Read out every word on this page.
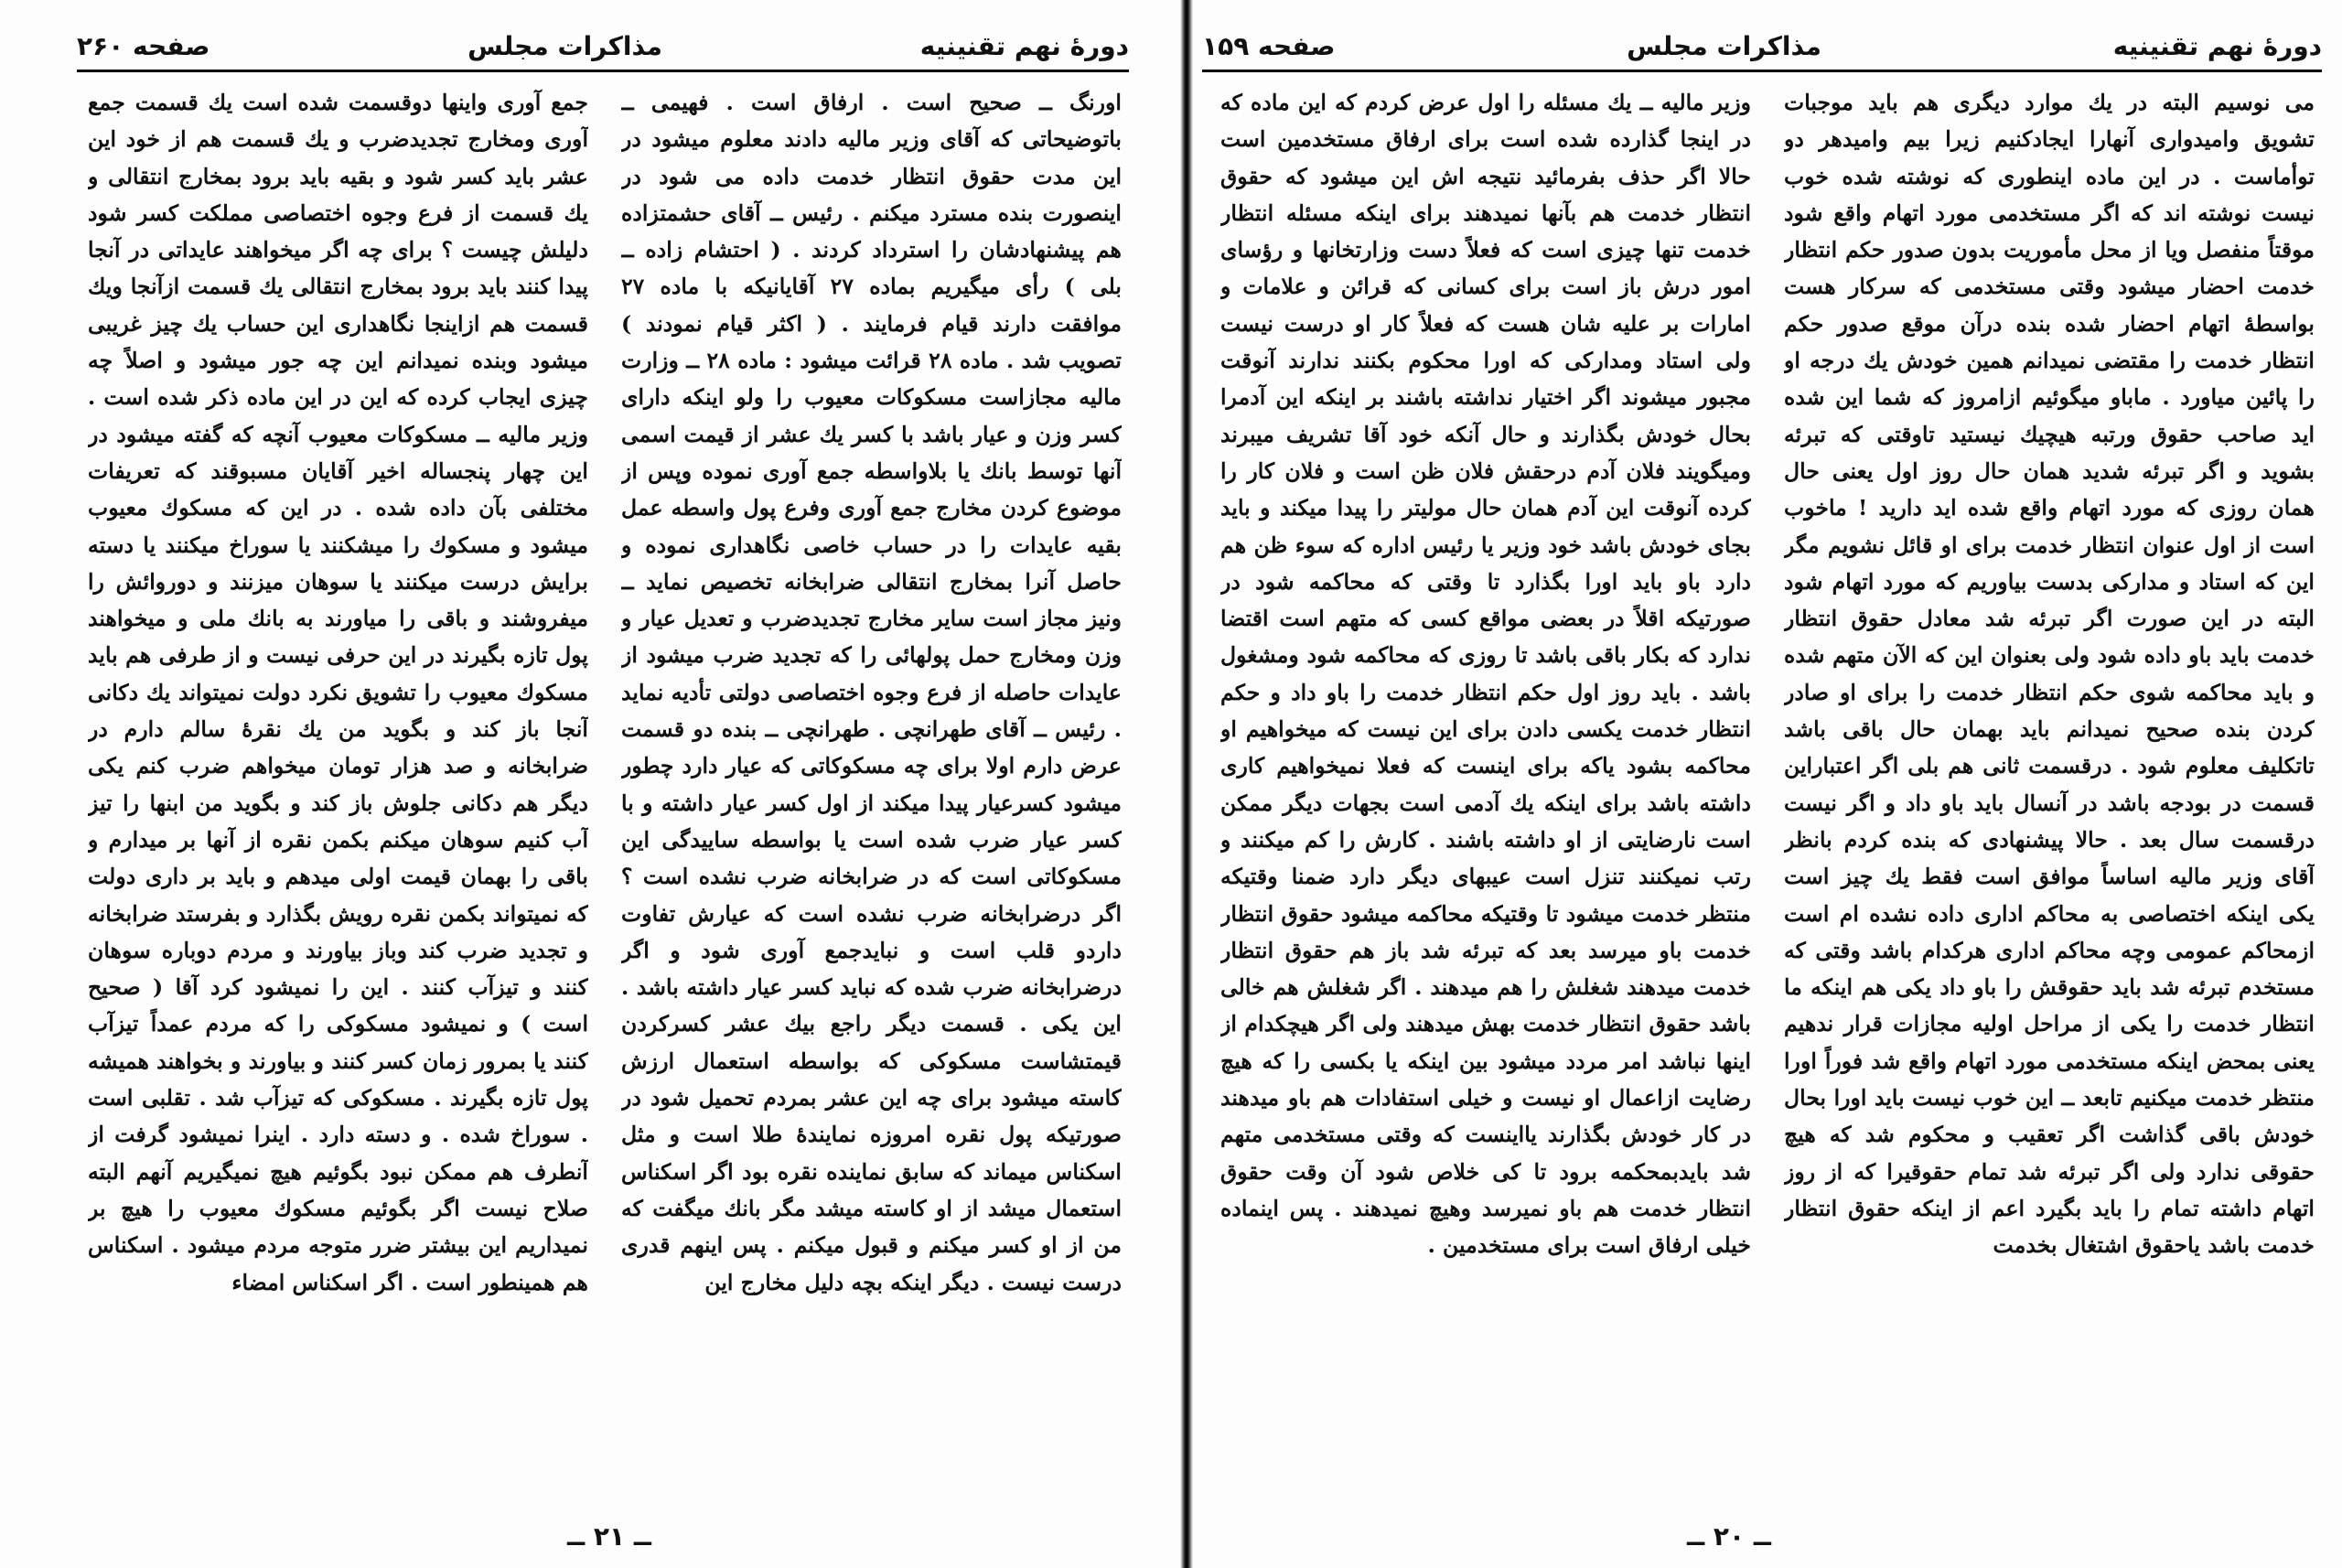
دورۀ نهم تقنینیه
مذاکرات مجلس
صفحه ۲۶۰

اورنگ ــ صحیح است . ارفاق است . فهیمی ــ باتوضیحاتی که آقای وزیر مالیه دادند معلوم میشود در این مدت حقوق انتظار خدمت داده می شود در اینصورت بنده مسترد میکنم . رئیس ــ آقای حشمتزاده هم پیشنهادشان را استرداد کردند . ( احتشام زاده ــ بلی ) رأی میگیریم بماده ۲۷ آقایانیکه با ماده ۲۷ موافقت دارند قیام فرمایند . ( اکثر قیام نمودند ) تصویب شد . ماده ۲۸ قرائت میشود : ماده ۲۸ ــ وزارت مالیه مجازاست مسکوکات معیوب را ولو اینکه دارای کسر وزن و عیار باشد با کسر یك عشر از قیمت اسمی آنها توسط بانك یا بلاواسطه جمع آوری نموده وپس از موضوع کردن مخارج جمع آوری وفرع پول واسطه عمل بقیه عایدات را در حساب خاصی نگاهداری نموده و حاصل آنرا بمخارج انتقالی ضرابخانه تخصیص نماید ــ ونیز مجاز است سایر مخارج تجدیدضرب و تعدیل عیار و وزن ومخارج حمل پولهائی را که تجدید ضرب میشود از عایدات حاصله از فرع وجوه اختصاصی دولتی تأدیه نماید . رئیس ــ آقای طهرانچی . طهرانچی ــ بنده دو قسمت عرض دارم اولا برای چه مسکوکاتی که عیار دارد چطور میشود کسرعیار پیدا میکند از اول کسر عیار داشته و با کسر عیار ضرب شده است یا بواسطه ساییدگی این مسکوکاتی است که در ضرابخانه ضرب نشده است ؟ اگر درضرابخانه ضرب نشده است که عیارش تفاوت داردو قلب است و نبایدجمع آوری شود و اگر درضرابخانه ضرب شده که نباید کسر عیار داشته باشد . این یکی . قسمت دیگر راجع بیك عشر کسرکردن قیمتشاست مسکوکی که بواسطه استعمال ارزش کاسته میشود برای چه این عشر بمردم تحمیل شود در صورتیکه پول نقره امروزه نمایندهٔ طلا است و مثل اسکناس میماند که سابق نماینده نقره بود اگر اسکناس استعمال میشد از او کاسته میشد مگر بانك میگفت که من از او کسر میکنم و قبول میکنم . پس اینهم قدری درست نیست . دیگر اینکه بچه دلیل مخارج این

جمع آوری واینها دوقسمت شده است یك قسمت جمع آوری ومخارج تجدیدضرب و یك قسمت هم از خود این عشر باید کسر شود و بقیه باید برود بمخارج انتقالی و یك قسمت از فرع وجوه اختصاصی مملکت کسر شود دلیلش چیست ؟ برای چه اگر میخواهند عایداتی در آنجا پیدا کنند باید برود بمخارج انتقالی یك قسمت ازآنجا ویك قسمت هم ازاینجا نگاهداری این حساب یك چیز غریبی میشود وبنده نمیدانم این چه جور میشود و اصلاً چه چیزی ایجاب کرده که این در این ماده ذکر شده است . وزیر مالیه ــ مسکوکات معیوب آنچه که گفته میشود در این چهار پنجساله اخیر آقایان مسبوقند که تعریفات مختلفی بآن داده شده . در این که مسکوك معیوب میشود و مسکوك را میشکنند یا سوراخ میکنند یا دسته برایش درست میکنند یا سوهان میزنند و دوروائش را میفروشند و باقی را میاورند به بانك ملی و میخواهند پول تازه بگیرند در این حرفی نیست و از طرفی هم باید مسکوك معیوب را تشویق نکرد دولت نمیتواند یك دکانی آنجا باز کند و بگوید من یك نقرهٔ سالم دارم در ضرابخانه و صد هزار تومان میخواهم ضرب کنم یکی دیگر هم دکانی جلوش باز کند و بگوید من ابنها را تیز آب کنیم سوهان میکنم بکمن نقره از آنها بر میدارم و باقی را بهمان قیمت اولی میدهم و باید بر داری دولت که نمیتواند بکمن نقره رویش بگذارد و بفرستد ضرابخانه و تجدید ضرب کند وباز بیاورند و مردم دوباره سوهان کنند و تیزآب کنند . این را نمیشود کرد آقا ( صحیح است ) و نمیشود مسکوکی را که مردم عمداً تیزآب کنند یا بمرور زمان کسر کنند و بیاورند و بخواهند همیشه پول تازه بگیرند . مسکوکی که تیزآب شد . تقلبی است . سوراخ شده . و دسته دارد . اینرا نمیشود گرفت از آنطرف هم ممکن نبود بگوئیم هیچ نمیگیریم آنهم البته صلاح نیست اگر بگوئیم مسکوك معیوب را هیچ بر نمیداریم این بیشتر ضرر متوجه مردم میشود . اسکناس هم همینطور است . اگر اسکناس امضاء

ــ ۲۱ ــ
دورۀ نهم تقنینیه
مذاکرات مجلس
صفحه ۱۵۹

می نوسیم البته در یك موارد دیگری هم باید موجبات تشویق وامیدواری آنهارا ایجادکنیم زیرا بیم وامیدهر دو توأماست . در این ماده اینطوری که نوشته شده خوب نیست نوشته اند که اگر مستخدمی مورد اتهام واقع شود موقتاً منفصل ویا از محل مأموریت بدون صدور حکم انتظار خدمت احضار میشود وقتی مستخدمی که سرکار هست بواسطهٔ اتهام احضار شده بنده درآن موقع صدور حکم انتظار خدمت را مقتضی نمیدانم همین خودش یك درجه او را پائین میاورد . ماباو میگوئیم ازامروز که شما این شده اید صاحب حقوق ورتبه هیچیك نیستید تاوقتی که تبرئه بشوید و اگر تبرئه شدید همان حال روز اول یعنی حال همان روزی که مورد اتهام واقع شده اید دارید ! ماخوب است از اول عنوان انتظار خدمت برای او قائل نشویم مگر این که استاد و مدارکی بدست بیاوریم که مورد اتهام شود البته در این صورت اگر تبرئه شد معادل حقوق انتظار خدمت باید باو داده شود ولی بعنوان این که الآن متهم شده و باید محاکمه شوی حکم انتظار خدمت را برای او صادر کردن بنده صحیح نمیدانم باید بهمان حال باقی باشد تاتکلیف معلوم شود . درقسمت ثانی هم بلی اگر اعتباراین قسمت در بودجه باشد در آنسال باید باو داد و اگر نیست درقسمت سال بعد . حالا پیشنهادی که بنده کردم بانظر آقای وزیر مالیه اساساً موافق است فقط یك چیز است یکی اینکه اختصاصی به محاکم اداری داده نشده ام است ازمحاکم عمومی وچه محاکم اداری هرکدام باشد وقتی که مستخدم تبرئه شد باید حقوقش را باو داد یکی هم اینکه ما انتظار خدمت را یکی از مراحل اولیه مجازات قرار ندهیم یعنی بمحض اینکه مستخدمی مورد اتهام واقع شد فوراً اورا منتظر خدمت میکنیم تابعد ــ این خوب نیست باید اورا بحال خودش باقی گذاشت اگر تعقیب و محکوم شد که هیچ حقوقی ندارد ولی اگر تبرئه شد تمام حقوقیرا که از روز اتهام داشته تمام را باید بگیرد اعم از اینکه حقوق انتظار خدمت باشد یاحقوق اشتغال بخدمت

وزیر مالیه ــ یك مسئله را اول عرض کردم که این ماده که در اینجا گذارده شده است برای ارفاق مستخدمین است حالا اگر حذف بفرمائید نتیجه اش این میشود که حقوق انتظار خدمت هم بآنها نمیدهند برای اینکه مسئله انتظار خدمت تنها چیزی است که فعلاً دست وزارتخانها و رؤسای امور درش باز است برای کسانی که قرائن و علامات و امارات بر علیه شان هست که فعلاً کار او درست نیست ولی استاد ومدارکی که اورا محکوم بکنند ندارند آنوقت مجبور میشوند اگر اختیار نداشته باشند بر اینکه این آدمرا بحال خودش بگذارند و حال آنکه خود آقا تشریف میبرند ومیگویند فلان آدم درحقش فلان ظن است و فلان کار را کرده آنوقت این آدم همان حال مولیتر را پیدا میکند و باید بجای خودش باشد خود وزیر یا رئیس اداره که سوء ظن هم دارد باو باید اورا بگذارد تا وقتی که محاکمه شود در صورتیکه اقلاً در بعضی مواقع کسی که متهم است اقتضا ندارد که بکار باقی باشد تا روزی که محاکمه شود ومشغول باشد . باید روز اول حکم انتظار خدمت را باو داد و حکم انتظار خدمت یکسی دادن برای این نیست که میخواهیم او محاکمه بشود یاکه برای اینست که فعلا نمیخواهیم کاری داشته باشد برای اینکه یك آدمی است بجهات دیگر ممکن است نارضایتی از او داشته باشند . کارش را کم میکنند و رتب نمیکنند تنزل است عیبهای دیگر دارد ضمنا وقتیکه منتظر خدمت میشود تا وقتیکه محاکمه میشود حقوق انتظار خدمت باو میرسد بعد که تبرئه شد باز هم حقوق انتظار خدمت میدهند شغلش را هم میدهند . اگر شغلش هم خالی باشد حقوق انتظار خدمت بهش میدهند ولی اگر هیچکدام از اینها نباشد امر مردد میشود بین اینکه یا بکسی را که هیچ رضایت ازاعمال او نیست و خیلی استفادات هم باو میدهند در کار خودش بگذارند یااینست که وقتی مستخدمی متهم شد بایدبمحکمه برود تا کی خلاص شود آن وقت حقوق انتظار خدمت هم باو نمیرسد وهیچ نمیدهند . پس اینماده خیلی ارفاق است برای مستخدمین .

ــ ۲۰ ــ
